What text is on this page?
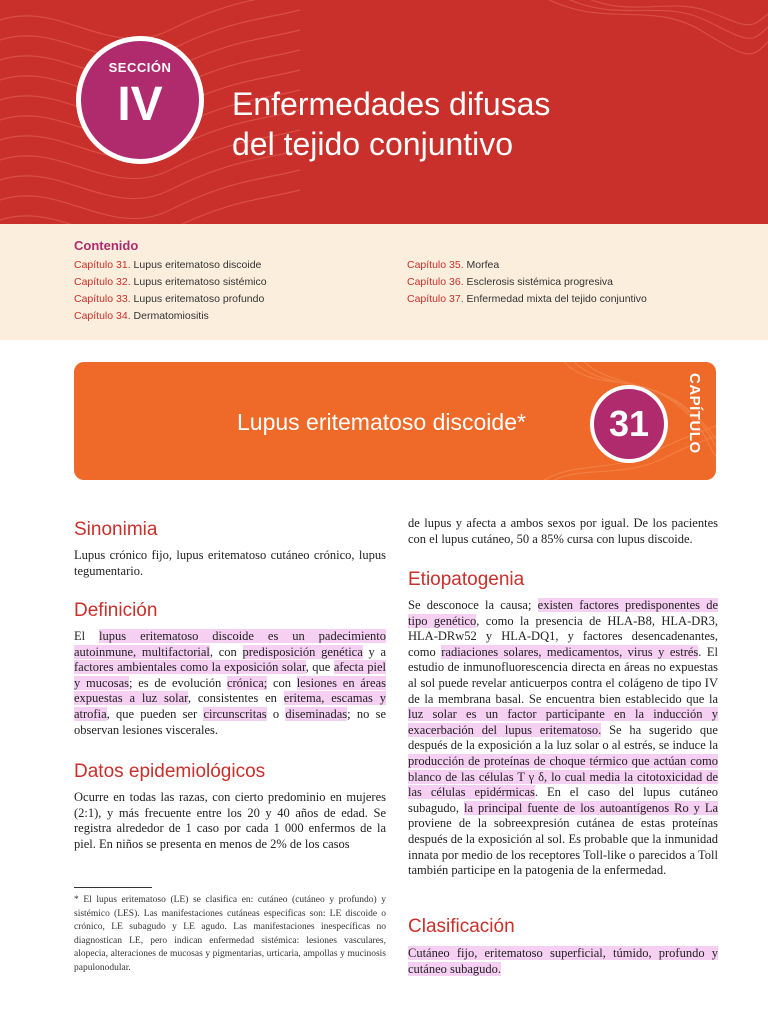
SECCIÓN
IV	Enfermedades difusas
del tejido conjuntivo
Contenido
Capítulo 31. Lupus eritematoso discoide
Capítulo 32. Lupus eritematoso sistémico
Capítulo 33. Lupus eritematoso profundo
Capítulo 34. Dermatomiositis
Capítulo 35. Morfea
Capítulo 36. Esclerosis sistémica progresiva
Capítulo 37. Enfermedad mixta del tejido conjuntivo
Lupus eritematoso discoide*	31	CAPÍTULO
Sinonimia

Lupus crónico fijo, lupus eritematoso cutáneo crónico, lupus tegumentario.

Definición

El lupus eritematoso discoide es un padecimiento autoinmune, multifactorial, con predisposición genética y a factores ambientales como la exposición solar, que afecta piel y mucosas; es de evolución crónica; con lesiones en áreas expuestas a luz solar, consistentes en eritema, escamas y atrofia, que pueden ser circunscritas o diseminadas; no se observan lesiones viscerales.

Datos epidemiológicos

Ocurre en todas las razas, con cierto predominio en mujeres (2:1), y más frecuente entre los 20 y 40 años de edad. Se registra alrededor de 1 caso por cada 1 000 enfermos de la piel. En niños se presenta en menos de 2% de los casos

* El lupus eritematoso (LE) se clasifica en: cutáneo (cutáneo y profundo) y sistémico (LES). Las manifestaciones cutáneas específicas son: LE discoide o crónico, LE subagudo y LE agudo. Las manifestaciones inespecíficas no diagnostican LE, pero indican enfermedad sistémica: lesiones vasculares, alopecia, alteraciones de mucosas y pigmentarias, urticaria, ampollas y mucinosis papulonodular.

de lupus y afecta a ambos sexos por igual. De los pacientes con el lupus cutáneo, 50 a 85% cursa con lupus discoide.

Etiopatogenia

Se desconoce la causa; existen factores predisponentes de tipo genético, como la presencia de HLA-B8, HLA-DR3, HLA-DRw52 y HLA-DQ1, y factores desencadenantes, como radiaciones solares, medicamentos, virus y estrés. El estudio de inmunofluorescencia directa en áreas no expuestas al sol puede revelar anticuerpos contra el colágeno de tipo IV de la membrana basal. Se encuentra bien establecido que la luz solar es un factor participante en la inducción y exacerbación del lupus eritematoso. Se ha sugerido que después de la exposición a la luz solar o al estrés, se induce la producción de proteínas de choque térmico que actúan como blanco de las células T γ δ, lo cual media la citotoxicidad de las células epidérmicas. En el caso del lupus cutáneo subagudo, la principal fuente de los autoantígenos Ro y La proviene de la sobreexpresión cutánea de estas proteínas después de la exposición al sol. Es probable que la inmunidad innata por medio de los receptores Toll-like o parecidos a Toll también participe en la patogenia de la enfermedad.

Clasificación

Cutáneo fijo, eritematoso superficial, túmido, profundo y cutáneo subagudo.
